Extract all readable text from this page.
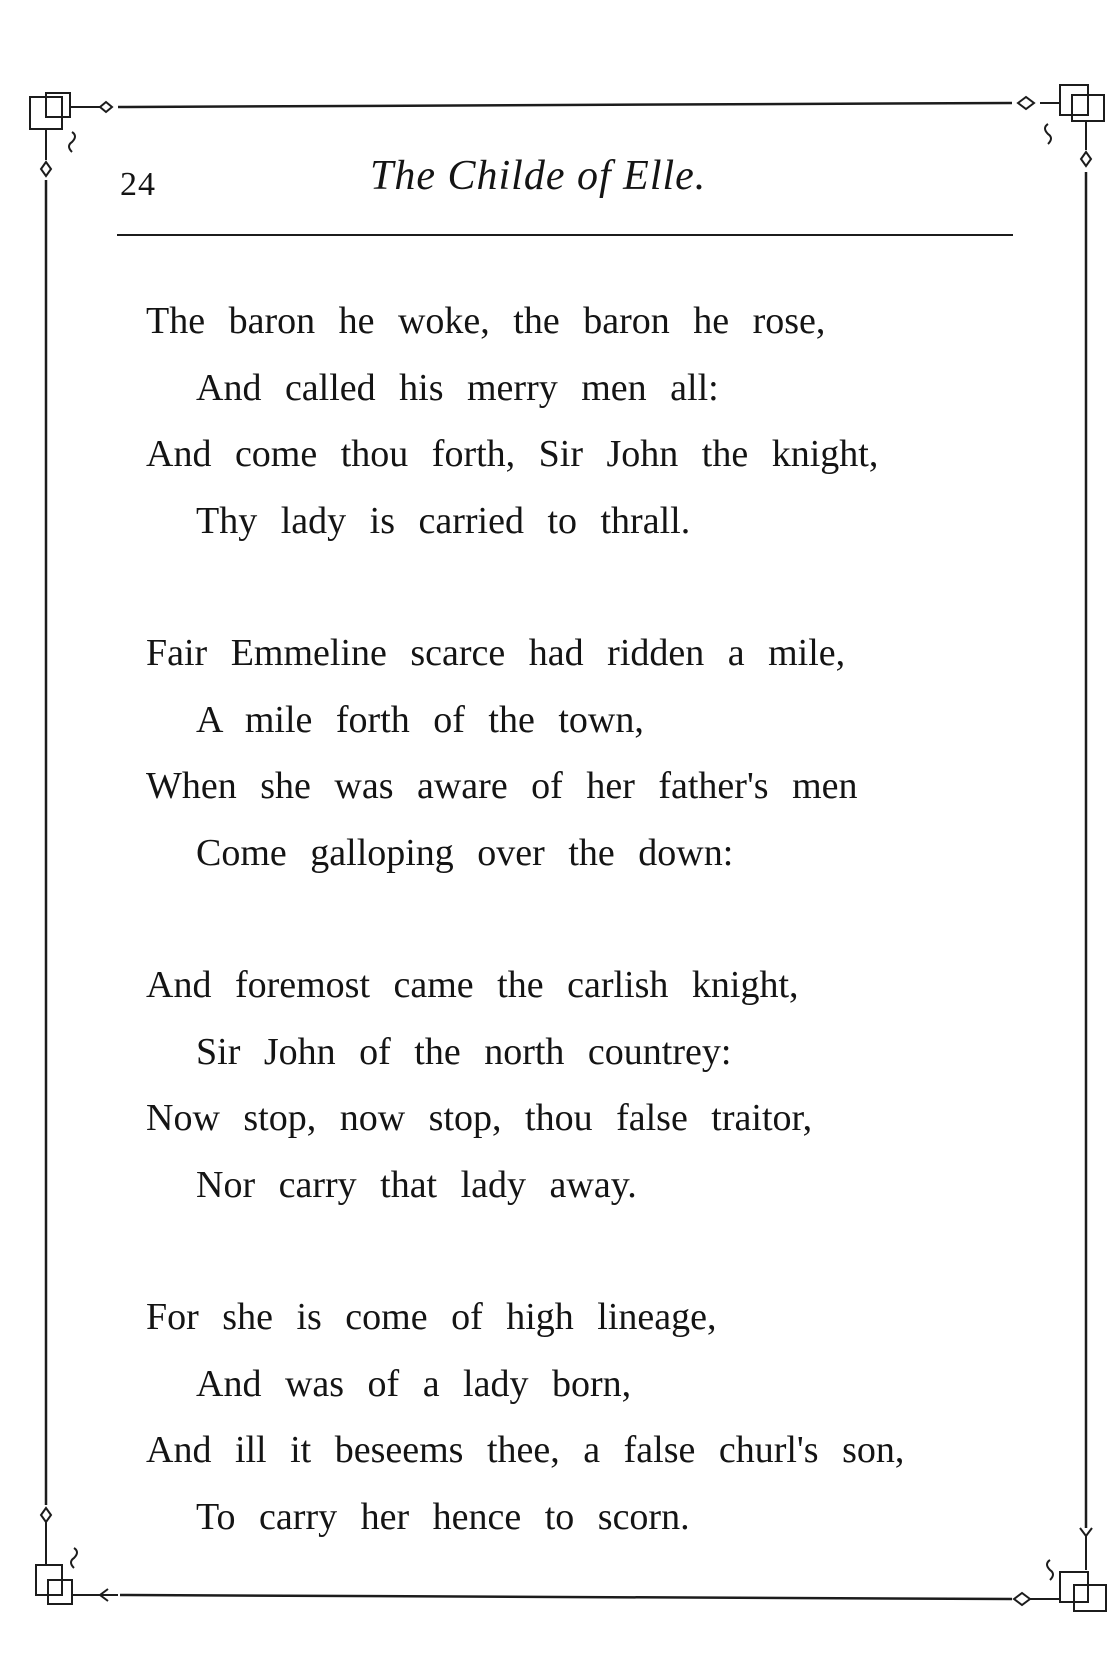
24	The Childe of Elle.
The baron he woke, the baron he rose,
And called his merry men all:
And come thou forth, Sir John the knight,
Thy lady is carried to thrall.
Fair Emmeline scarce had ridden a mile,
A mile forth of the town,
When she was aware of her father's men
Come galloping over the down:
And foremost came the carlish knight,
Sir John of the north countrey:
Now stop, now stop, thou false traitor,
Nor carry that lady away.
For she is come of high lineage,
And was of a lady born,
And ill it beseems thee, a false churl's son,
To carry her hence to scorn.
